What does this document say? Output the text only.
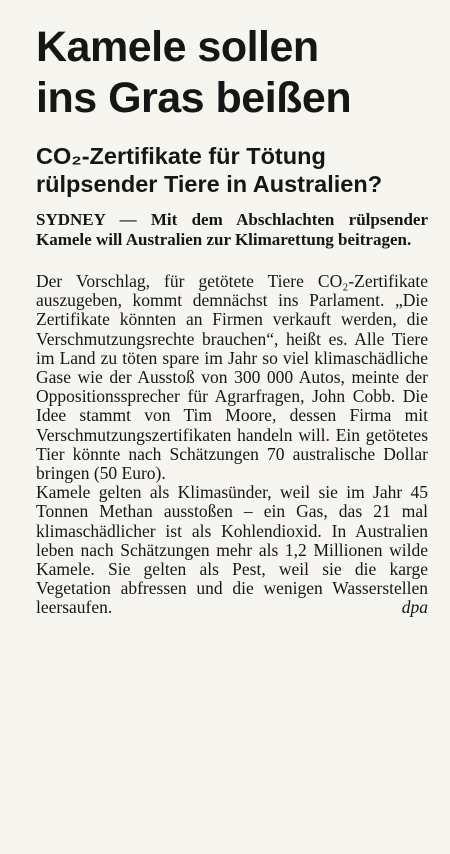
Kamele sollen
ins Gras beißen
CO₂-Zertifikate für Tötung
rülpsender Tiere in Australien?

SYDNEY — Mit dem Abschlachten rülpsender Kamele will Australien zur Klimarettung beitragen.

Der Vorschlag, für getötete Tiere CO₂-Zertifikate auszugeben, kommt demnächst ins Parlament. „Die Zertifikate könnten an Firmen verkauft werden, die Verschmutzungsrechte brauchen“, heißt es. Alle Tiere im Land zu töten spare im Jahr so viel klimaschädliche Gase wie der Ausstoß von 300 000 Autos, meinte der Oppositionssprecher für Agrarfragen, John Cobb. Die Idee stammt von Tim Moore, dessen Firma mit Verschmutzungszertifikaten handeln will. Ein getötetes Tier könnte nach Schätzungen 70 australische Dollar bringen (50 Euro).

Kamele gelten als Klimasünder, weil sie im Jahr 45 Tonnen Methan ausstoßen – ein Gas, das 21 mal klimaschädlicher ist als Kohlendioxid. In Australien leben nach Schätzungen mehr als 1,2 Millionen wilde Kamele. Sie gelten als Pest, weil sie die karge Vegetation abfressen und die wenigen Wasserstellen leersaufen.	dpa
